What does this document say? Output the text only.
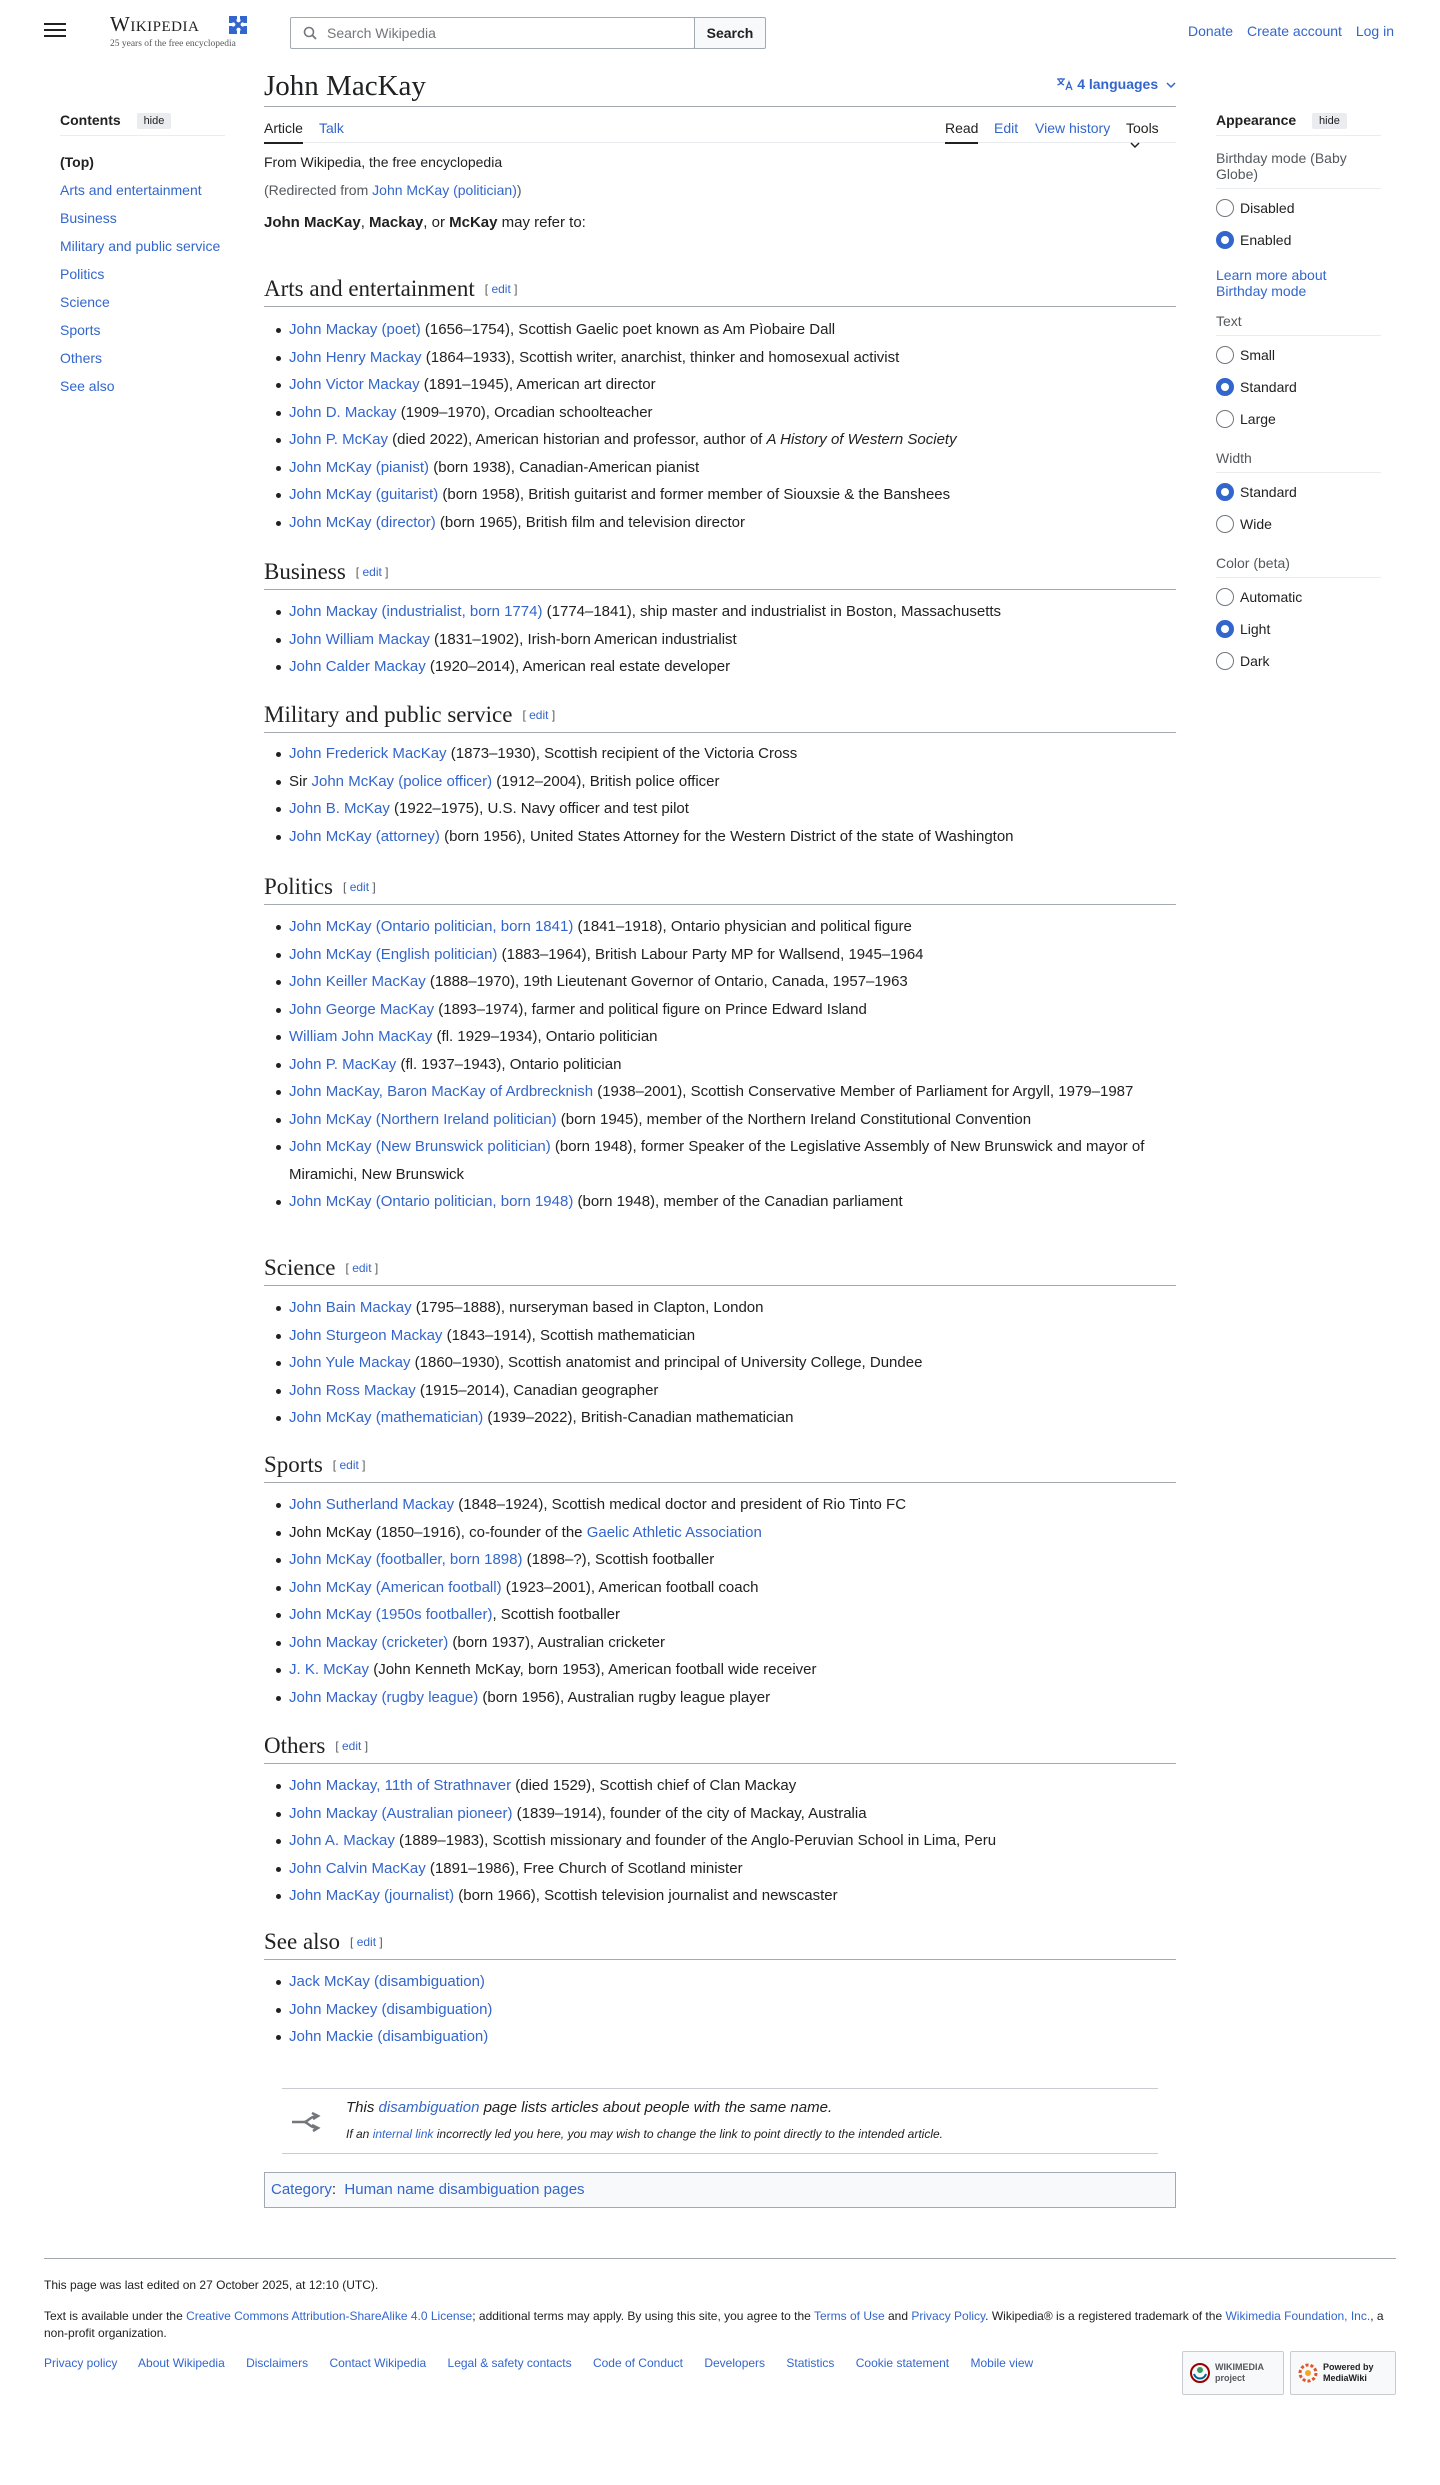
Wikipedia
25 years of the free encyclopedia
Search Wikipedia
Search	Donate Create account Log in
Contents hide
(Top)
Arts and entertainment
Business
Military and public service
Politics
Science
Sports
Others
See also
John MacKay	4 languages
Article Talk	Read Edit View history Tools

From Wikipedia, the free encyclopedia

(Redirected from John McKay (politician))

John MacKay, Mackay, or McKay may refer to:

Arts and entertainment [ edit ]
John Mackay (poet) (1656–1754), Scottish Gaelic poet known as Am Pìobaire Dall
John Henry Mackay (1864–1933), Scottish writer, anarchist, thinker and homosexual activist
John Victor Mackay (1891–1945), American art director
John D. Mackay (1909–1970), Orcadian schoolteacher
John P. McKay (died 2022), American historian and professor, author of A History of Western Society
John McKay (pianist) (born 1938), Canadian-American pianist
John McKay (guitarist) (born 1958), British guitarist and former member of Siouxsie & the Banshees
John McKay (director) (born 1965), British film and television director
Business [ edit ]
John Mackay (industrialist, born 1774) (1774–1841), ship master and industrialist in Boston, Massachusetts
John William Mackay (1831–1902), Irish-born American industrialist
John Calder Mackay (1920–2014), American real estate developer
Military and public service [ edit ]
John Frederick MacKay (1873–1930), Scottish recipient of the Victoria Cross
Sir John McKay (police officer) (1912–2004), British police officer
John B. McKay (1922–1975), U.S. Navy officer and test pilot
John McKay (attorney) (born 1956), United States Attorney for the Western District of the state of Washington
Politics [ edit ]
John McKay (Ontario politician, born 1841) (1841–1918), Ontario physician and political figure
John McKay (English politician) (1883–1964), British Labour Party MP for Wallsend, 1945–1964
John Keiller MacKay (1888–1970), 19th Lieutenant Governor of Ontario, Canada, 1957–1963
John George MacKay (1893–1974), farmer and political figure on Prince Edward Island
William John MacKay (fl. 1929–1934), Ontario politician
John P. MacKay (fl. 1937–1943), Ontario politician
John MacKay, Baron MacKay of Ardbrecknish (1938–2001), Scottish Conservative Member of Parliament for Argyll, 1979–1987
John McKay (Northern Ireland politician) (born 1945), member of the Northern Ireland Constitutional Convention
John McKay (New Brunswick politician) (born 1948), former Speaker of the Legislative Assembly of New Brunswick and mayor of Miramichi, New Brunswick
John McKay (Ontario politician, born 1948) (born 1948), member of the Canadian parliament
Science [ edit ]
John Bain Mackay (1795–1888), nurseryman based in Clapton, London
John Sturgeon Mackay (1843–1914), Scottish mathematician
John Yule Mackay (1860–1930), Scottish anatomist and principal of University College, Dundee
John Ross Mackay (1915–2014), Canadian geographer
John McKay (mathematician) (1939–2022), British-Canadian mathematician
Sports [ edit ]
John Sutherland Mackay (1848–1924), Scottish medical doctor and president of Rio Tinto FC
John McKay (1850–1916), co-founder of the Gaelic Athletic Association
John McKay (footballer, born 1898) (1898–?), Scottish footballer
John McKay (American football) (1923–2001), American football coach
John McKay (1950s footballer), Scottish footballer
John Mackay (cricketer) (born 1937), Australian cricketer
J. K. McKay (John Kenneth McKay, born 1953), American football wide receiver
John Mackay (rugby league) (born 1956), Australian rugby league player
Others [ edit ]
John Mackay, 11th of Strathnaver (died 1529), Scottish chief of Clan Mackay
John Mackay (Australian pioneer) (1839–1914), founder of the city of Mackay, Australia
John A. Mackay (1889–1983), Scottish missionary and founder of the Anglo-Peruvian School in Lima, Peru
John Calvin MacKay (1891–1986), Free Church of Scotland minister
John MacKay (journalist) (born 1966), Scottish television journalist and newscaster
See also [ edit ]
Jack McKay (disambiguation)
John Mackey (disambiguation)
John Mackie (disambiguation)
This disambiguation page lists articles about people with the same name.
If an internal link incorrectly led you here, you may wish to change the link to point directly to the intended article.
Category: Human name disambiguation pages
Appearance hide
Birthday mode (Baby Globe)
Disabled
Enabled
Learn more about Birthday mode
Text
Small
Standard
Large
Width
Standard
Wide
Color (beta)
Automatic
Light
Dark

This page was last edited on 27 October 2025, at 12:10 (UTC).

Text is available under the Creative Commons Attribution-ShareAlike 4.0 License; additional terms may apply. By using this site, you agree to the Terms of Use and Privacy Policy. Wikipedia® is a registered trademark of the Wikimedia Foundation, Inc., a non-profit organization.

Privacy policy About Wikipedia Disclaimers Contact Wikipedia Legal & safety contacts Code of Conduct Developers Statistics Cookie statement Mobile view	WIKIMEDIA project
Powered by MediaWiki
